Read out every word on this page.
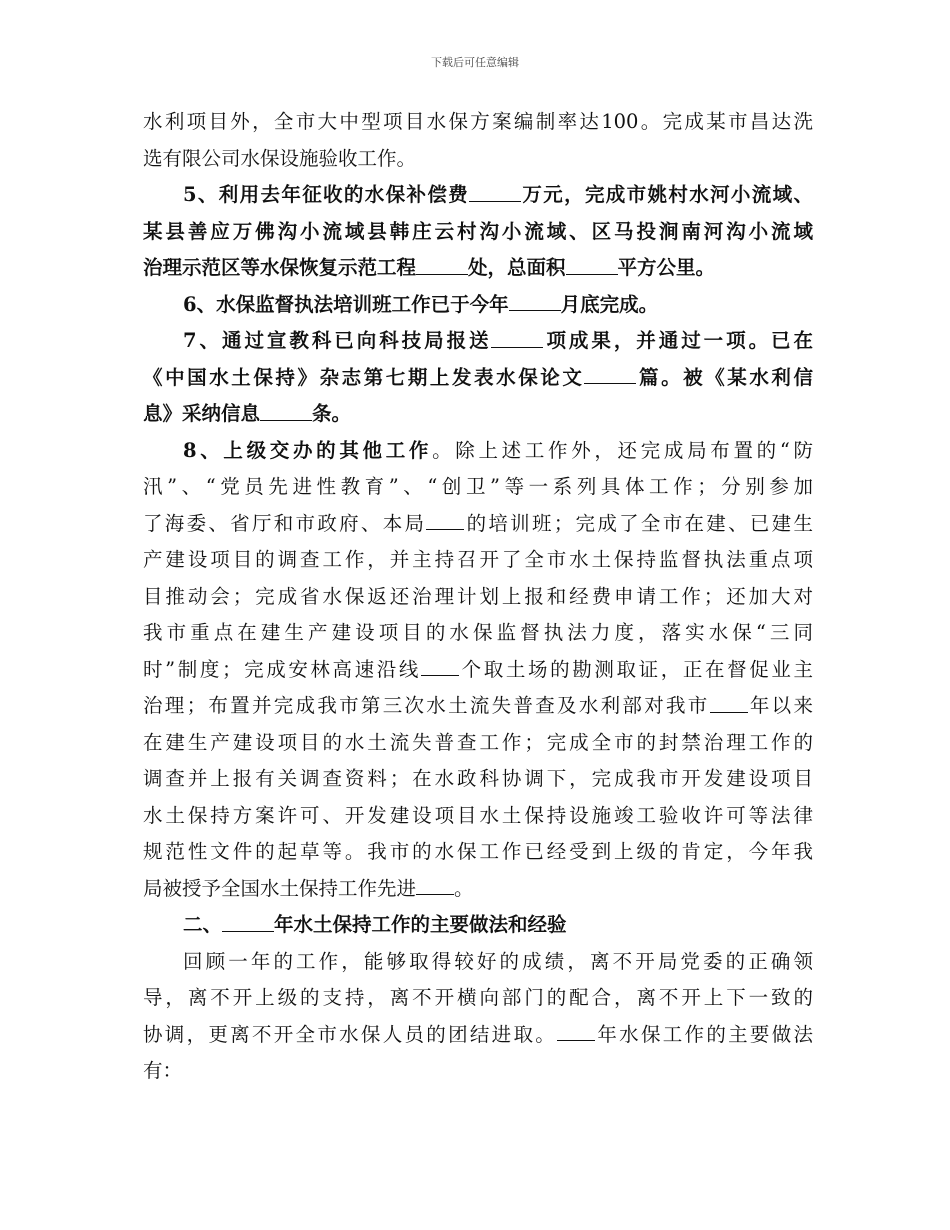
下载后可任意编辑

水利项目外，全市大中型项目水保方案编制率达100。完成某市昌达洗

选有限公司水保设施验收工作。

5、利用去年征收的水保补偿费	万元，完成市姚村水河小流域、

某县善应万佛沟小流域县韩庄云村沟小流域、区马投涧南河沟小流域

治理示范区等水保恢复示范工程	处，总面积	平方公里。

6、水保监督执法培训班工作已于今年	月底完成。

7、通过宣教科已向科技局报送	项成果，并通过一项。已在

《中国水土保持》杂志第七期上发表水保论文	篇。被《某水利信

息》采纳信息	条。

8、上级交办的其他工作。除上述工作外，还完成局布置的“防

汛”、“党员先进性教育”、“创卫”等一系列具体工作；分别参加

了海委、省厅和市政府、本局 的培训班；完成了全市在建、已建生

产建设项目的调查工作，并主持召开了全市水土保持监督执法重点项

目推动会；完成省水保返还治理计划上报和经费申请工作；还加大对

我市重点在建生产建设项目的水保监督执法力度，落实水保“三同

时”制度；完成安林高速沿线 个取土场的勘测取证，正在督促业主

治理；布置并完成我市第三次水土流失普查及水利部对我市 年以来

在建生产建设项目的水土流失普查工作；完成全市的封禁治理工作的

调查并上报有关调查资料；在水政科协调下，完成我市开发建设项目

水土保持方案许可、开发建设项目水土保持设施竣工验收许可等法律

规范性文件的起草等。我市的水保工作已经受到上级的肯定，今年我

局被授予全国水土保持工作先进 。

二、	年水土保持工作的主要做法和经验

回顾一年的工作，能够取得较好的成绩，离不开局党委的正确领

导，离不开上级的支持，离不开横向部门的配合，离不开上下一致的

协调，更离不开全市水保人员的团结进取。 年水保工作的主要做法

有：
